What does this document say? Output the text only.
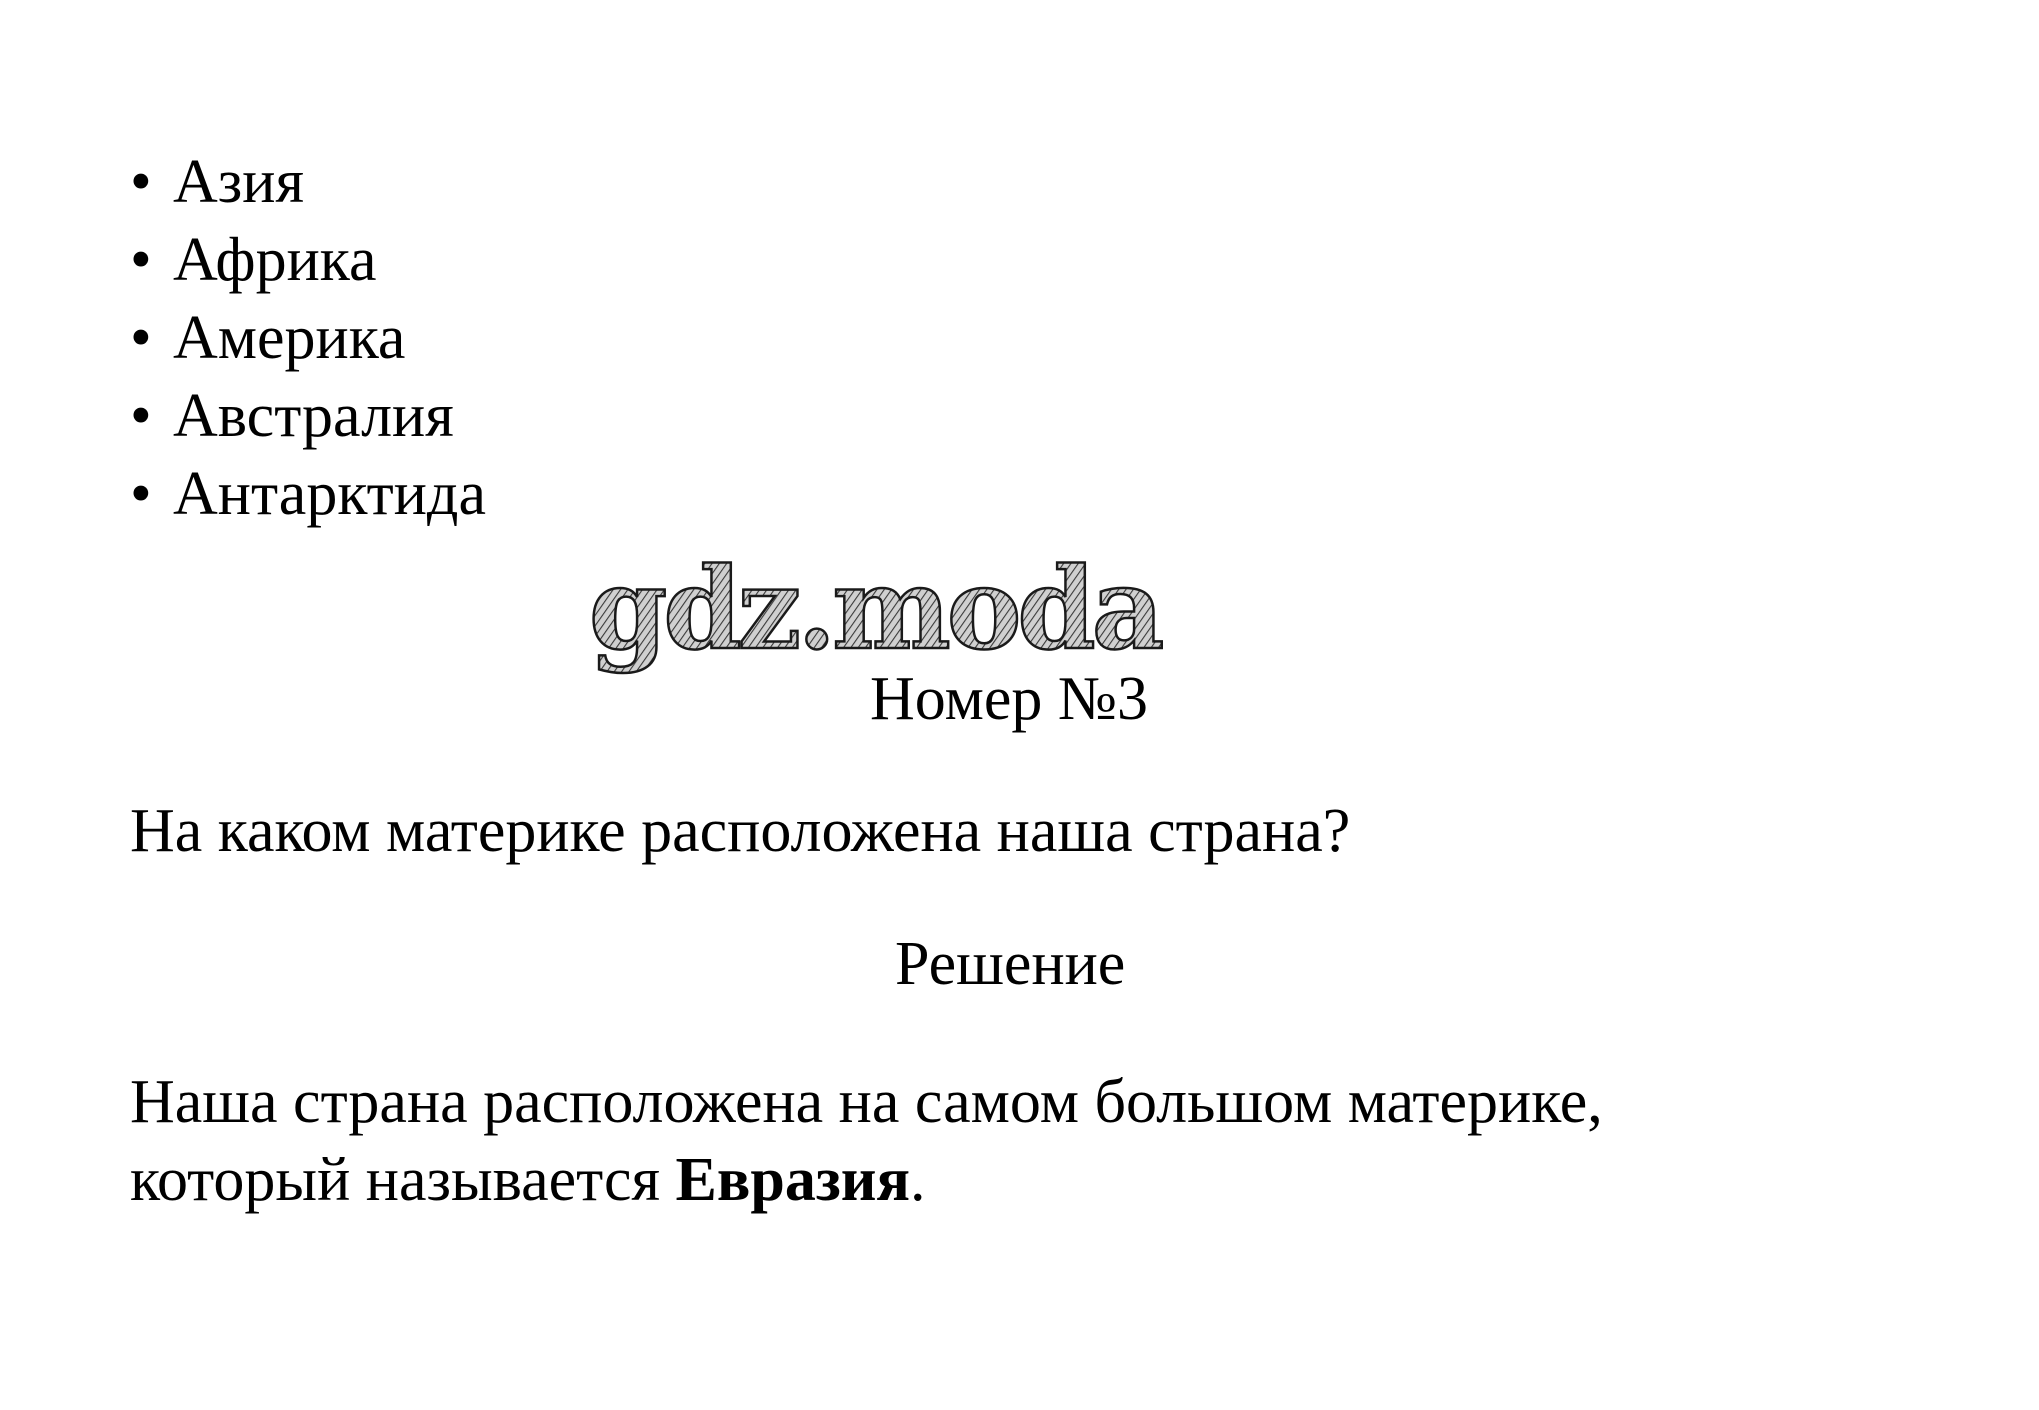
• Азия
• Африка
• Америка
• Австралия
• Антарктида
gdz.moda
Номер №3
На каком материке расположена наша страна?
Решение
Наша страна расположена на самом большом материке,
который называется Евразия.
